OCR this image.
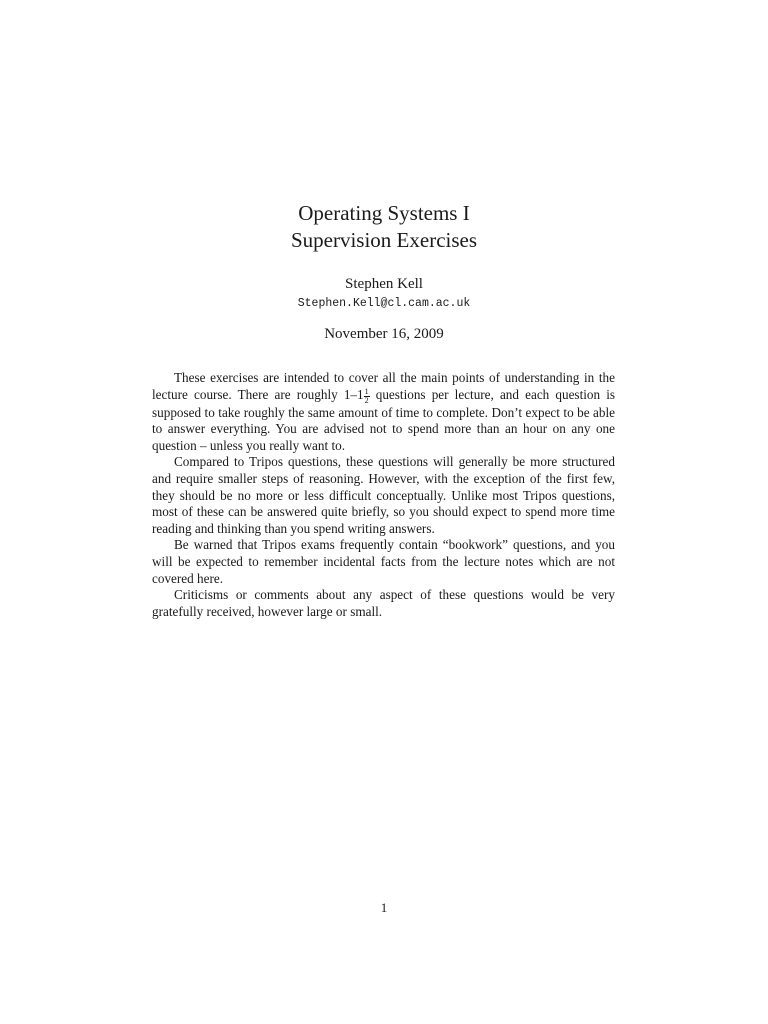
Operating Systems I
Supervision Exercises
Stephen Kell
Stephen.Kell@cl.cam.ac.uk
November 16, 2009

These exercises are intended to cover all the main points of understanding in the lecture course. There are roughly $1-1 \frac{1}{2}$ questions per lecture, and each question is supposed to take roughly the same amount of time to complete. Don’t expect to be able to answer everything. You are advised not to spend more than an hour on any one question – unless you really want to.

Compared to Tripos questions, these questions will generally be more structured and require smaller steps of reasoning. However, with the exception of the first few, they should be no more or less difficult conceptually. Unlike most Tripos questions, most of these can be answered quite briefly, so you should expect to spend more time reading and thinking than you spend writing answers.

Be warned that Tripos exams frequently contain “bookwork” questions, and you will be expected to remember incidental facts from the lecture notes which are not covered here.

Criticisms or comments about any aspect of these questions would be very gratefully received, however large or small.

1
